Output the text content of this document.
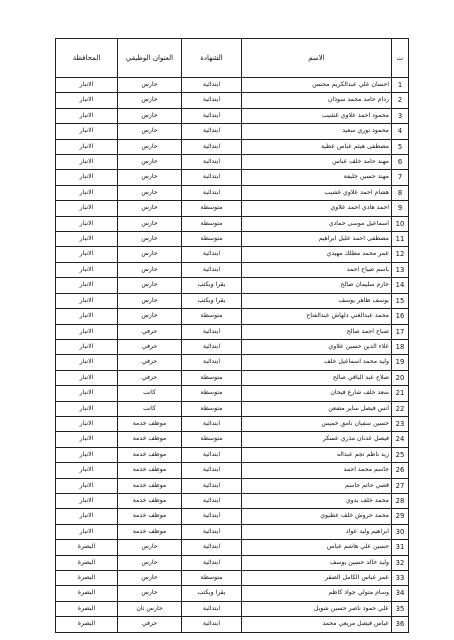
ت	الاسم	الشهادة	العنوان الوظيفي	المحافظة
1	احسان علي عبدالكريم محسن	ابتدائية	حارس	الانبار
2	ردام حامد محمد سوذان	ابتدائية	حارس	الانبار
3	محمود احمد علاوي غشيب	ابتدائية	حارس	الانبار
4	محمود نوري سعيد	ابتدائية	حارس	الانبار
5	مصطفى هيثم عباس عطية	ابتدائية	حارس	الانبار
6	مهند حامد خلف عباس	ابتدائية	حارس	الانبار
7	مهند حسين خليفة	ابتدائية	حارس	الانبار
8	هشام احمد علاوي غشيب	ابتدائية	حارس	الانبار
9	احمد هادي احمد علاوي	متوسطة	حارس	الانبار
10	اسماعيل موسى حمادي	متوسطة	حارس	الانبار
11	مصطفى احمد عليل ابراهيم	متوسطة	حارس	الانبار
12	عمر محمد مطلك مهيدي	ابتدائية	حارس	الانبار
13	باسم صياح احمد	ابتدائية	حارس	الانبار
14	حازم سليمان صالح	يقرا ويكتب	حارس	الانبار
15	يوسف ظاهر يوسف	يقرا ويكتب	حارس	الانبار
16	محمد عبدالغني دلهاش عبدالفتاح	متوسطة	حارس	الانبار
17	صباح احمد صالح	ابتدائية	حرفي	الانبار
18	علاء الدين حسين علاوي	ابتدائية	حرفي	الانبار
19	وليد محمد اسماعيل خلف	ابتدائية	حرفي	الانبار
20	صلاح عبد الباقي صالح	متوسطة	حرفي	الانبار
21	سعد خلف شارع فيحان	متوسطة	كاتب	الانبار
22	انس فيصل ساير مضعن	متوسطة	كاتب	الانبار
23	حسين سفيان نامق خميس	ابتدائية	موظف خدمة	الانبار
24	فيصل عدنان مذري عسكر	متوسطة	موظف خدمة	الانبار
25	زيد ناظم نجم عبداله	ابتدائية	موظف خدمة	الانبار
26	جاسم محمد احمد	ابتدائية	موظف خدمة	الانبار
27	قصي حاتم جاسم	ابتدائية	موظف خدمة	الانبار
28	محمد خلف بدوي	ابتدائية	موظف خدمة	الانبار
29	محمد حروش خلف عطيوي	ابتدائية	موظف خدمة	الانبار
30	ابراهيم وليد عواد	ابتدائية	موظف خدمة	الانبار
31	حسين علي هاشم عباس	ابتدائية	حارس	البصرة
32	وليد خالد حسين يوسف	ابتدائية	حارس	البصرة
33	عمر عباس الكامل الصقر	متوسطة	حارس	البصرة
34	وسام متولي جواد كاظم	يقرا ويكتب	حارس	البصرة
35	علي حمود ناصر حسين شويل	ابتدائية	حارس ثان	البصرة
36	عباس فيصل مريعي محمد	ابتدائية	حرفي	البصرة
